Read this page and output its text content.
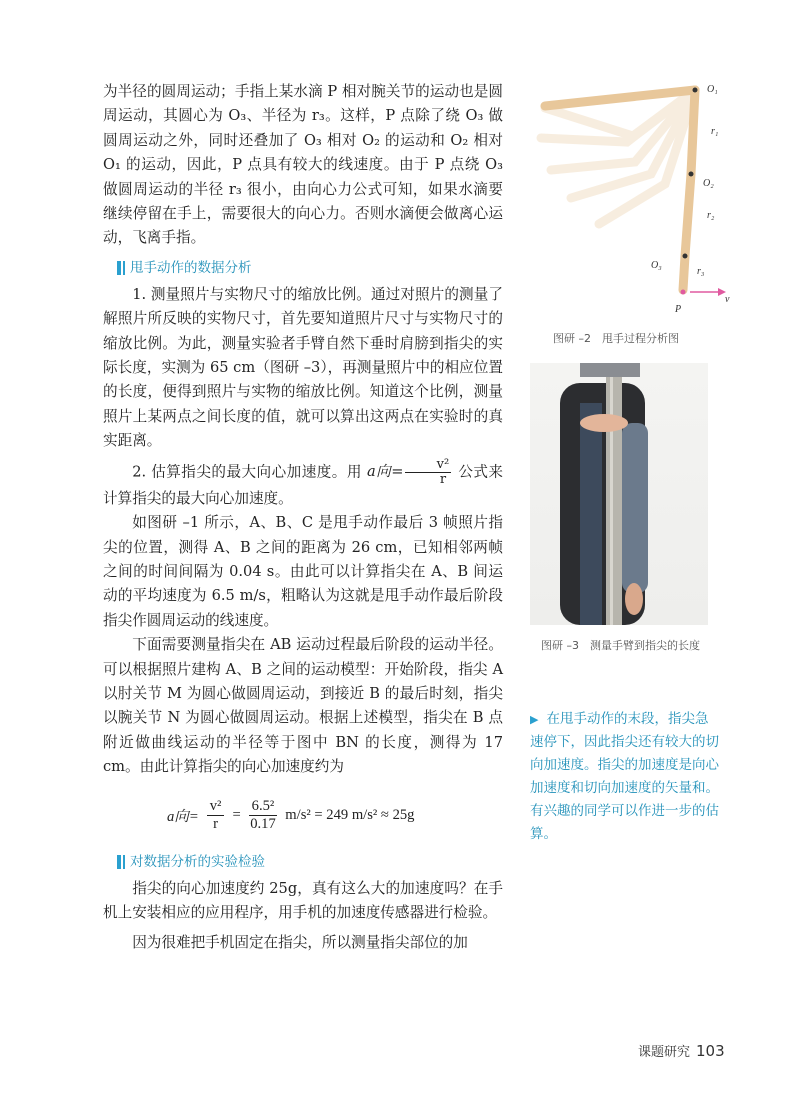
为半径的圆周运动；手指上某水滴 P 相对腕关节的运动也是圆周运动，其圆心为 O₃、半径为 r₃。这样，P 点除了绕 O₃ 做圆周运动之外，同时还叠加了 O₃ 相对 O₂ 的运动和 O₂ 相对 O₁ 的运动，因此，P 点具有较大的线速度。由于 P 点绕 O₃ 做圆周运动的半径 r₃ 很小，由向心力公式可知，如果水滴要继续停留在手上，需要很大的向心力。否则水滴便会做离心运动，飞离手指。

甩手动作的数据分析

1. 测量照片与实物尺寸的缩放比例。通过对照片的测量了解照片所反映的实物尺寸，首先要知道照片尺寸与实物尺寸的缩放比例。为此，测量实验者手臂自然下垂时肩膀到指尖的实际长度，实测为 65 cm（图研 –3），再测量照片中的相应位置的长度，便得到照片与实物的缩放比例。知道这个比例，测量照片上某两点之间长度的值，就可以算出这两点在实验时的真实距离。

2. 估算指尖的最大向心加速度。用 a向= $\frac{\text{v²}}{r}$ 公式来计算指尖的最大向心加速度。

如图研 –1 所示，A、B、C 是甩手动作最后 3 帧照片指尖的位置，测得 A、B 之间的距离为 26 cm，已知相邻两帧之间的时间间隔为 0.04 s。由此可以计算指尖在 A、B 间运动的平均速度为 6.5 m/s，粗略认为这就是甩手动作最后阶段指尖作圆周运动的线速度。

下面需要测量指尖在 AB 运动过程最后阶段的运动半径。可以根据照片建构 A、B 之间的运动模型：开始阶段，指尖 A 以肘关节 M 为圆心做圆周运动，到接近 B 的最后时刻，指尖以腕关节 N 为圆心做圆周运动。根据上述模型，指尖在 B 点附近做曲线运动的半径等于图中 BN 的长度，测得为 17 cm。由此计算指尖的向心加速度约为

a向= $\frac{\text{v²}}{r} = \frac{\text{6.5²}}{0.17} m/s^2 = 249$ m/s² ≈ 25g
对数据分析的实验检验

指尖的向心加速度约 25g，真有这么大的加速度吗？在手机上安装相应的应用程序，用手机的加速度传感器进行检验。

因为很难把手机固定在指尖，所以测量指尖部位的加

O₁
r₁
O₂
r₂
O₃
r₃
P
v
图研 –2　甩手过程分析图
图研 –3　测量手臂到指尖的长度
▶ 在甩手动作的末段，指尖急速停下，因此指尖还有较大的切向加速度。指尖的加速度是向心加速度和切向加速度的矢量和。有兴趣的同学可以作进一步的估算。
课题研究 103
